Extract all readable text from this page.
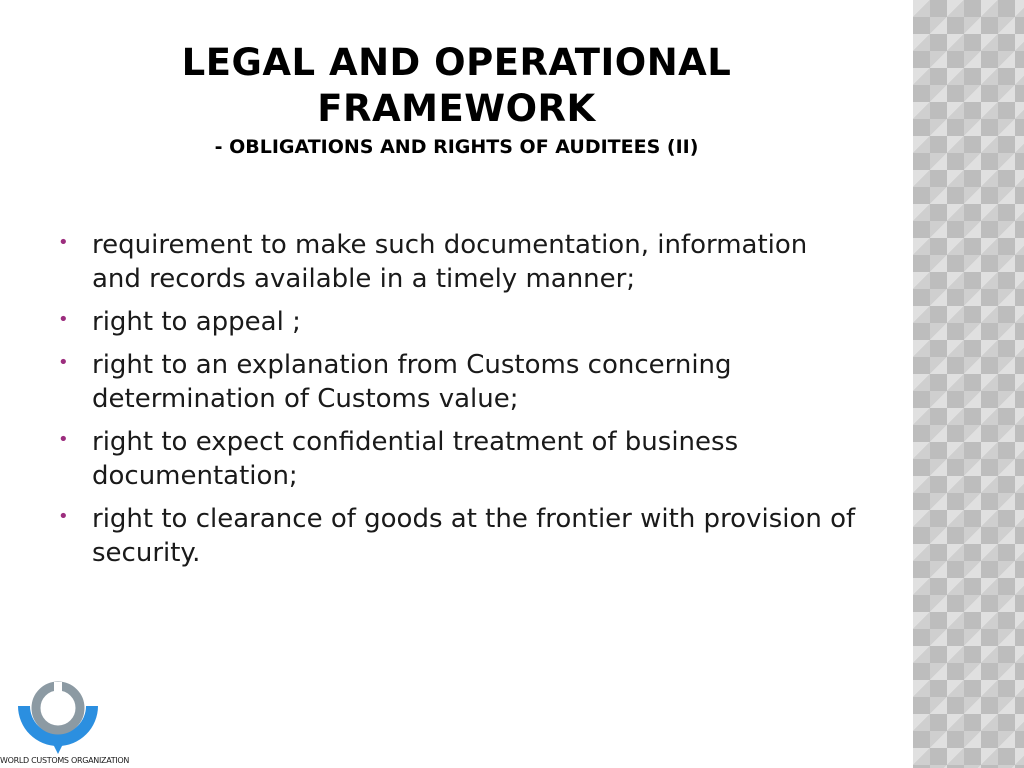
LEGAL AND OPERATIONAL FRAMEWORK
- OBLIGATIONS AND RIGHTS OF AUDITEES (II)
• requirement to make such documentation, information and records available in a timely manner;
• right to appeal ;
• right to an explanation from Customs concerning determination of Customs value;
• right to expect confidential treatment of business documentation;
• right to clearance of goods at the frontier with provision of security.
WORLD CUSTOMS ORGANIZATION
